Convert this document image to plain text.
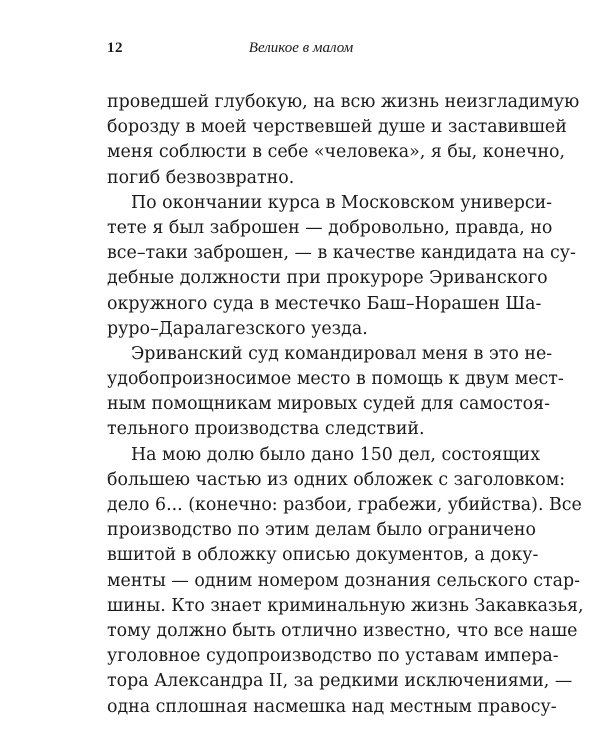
12	Великое в малом
проведшей глубокую, на всю жизнь неизгладимую
борозду в моей черствевшей душе и заставившей
меня соблюсти в себе «человека», я бы, конечно,
погиб безвозвратно.
По окончании курса в Московском универси-
тете я был заброшен — добровольно, правда, но
все–таки заброшен, — в качестве кандидата на су-
дебные должности при прокуроре Эриванского
окружного суда в местечко Баш–Норашен Ша-
руро–Даралагезского уезда.
Эриванский суд командировал меня в это не-
удобопроизносимое место в помощь к двум мест-
ным помощникам мировых судей для самостоя-
тельного производства следствий.
На мою долю было дано 150 дел, состоящих
большею частью из одних обложек с заголовком:
дело 6... (конечно: разбои, грабежи, убийства). Все
производство по этим делам было ограничено
вшитой в обложку описью документов, а доку-
менты — одним номером дознания сельского стар-
шины. Кто знает криминальную жизнь Закавказья,
тому должно быть отлично известно, что все наше
уголовное судопроизводство по уставам импера-
тора Александра II, за редкими исключениями, —
одна сплошная насмешка над местным правосу-
